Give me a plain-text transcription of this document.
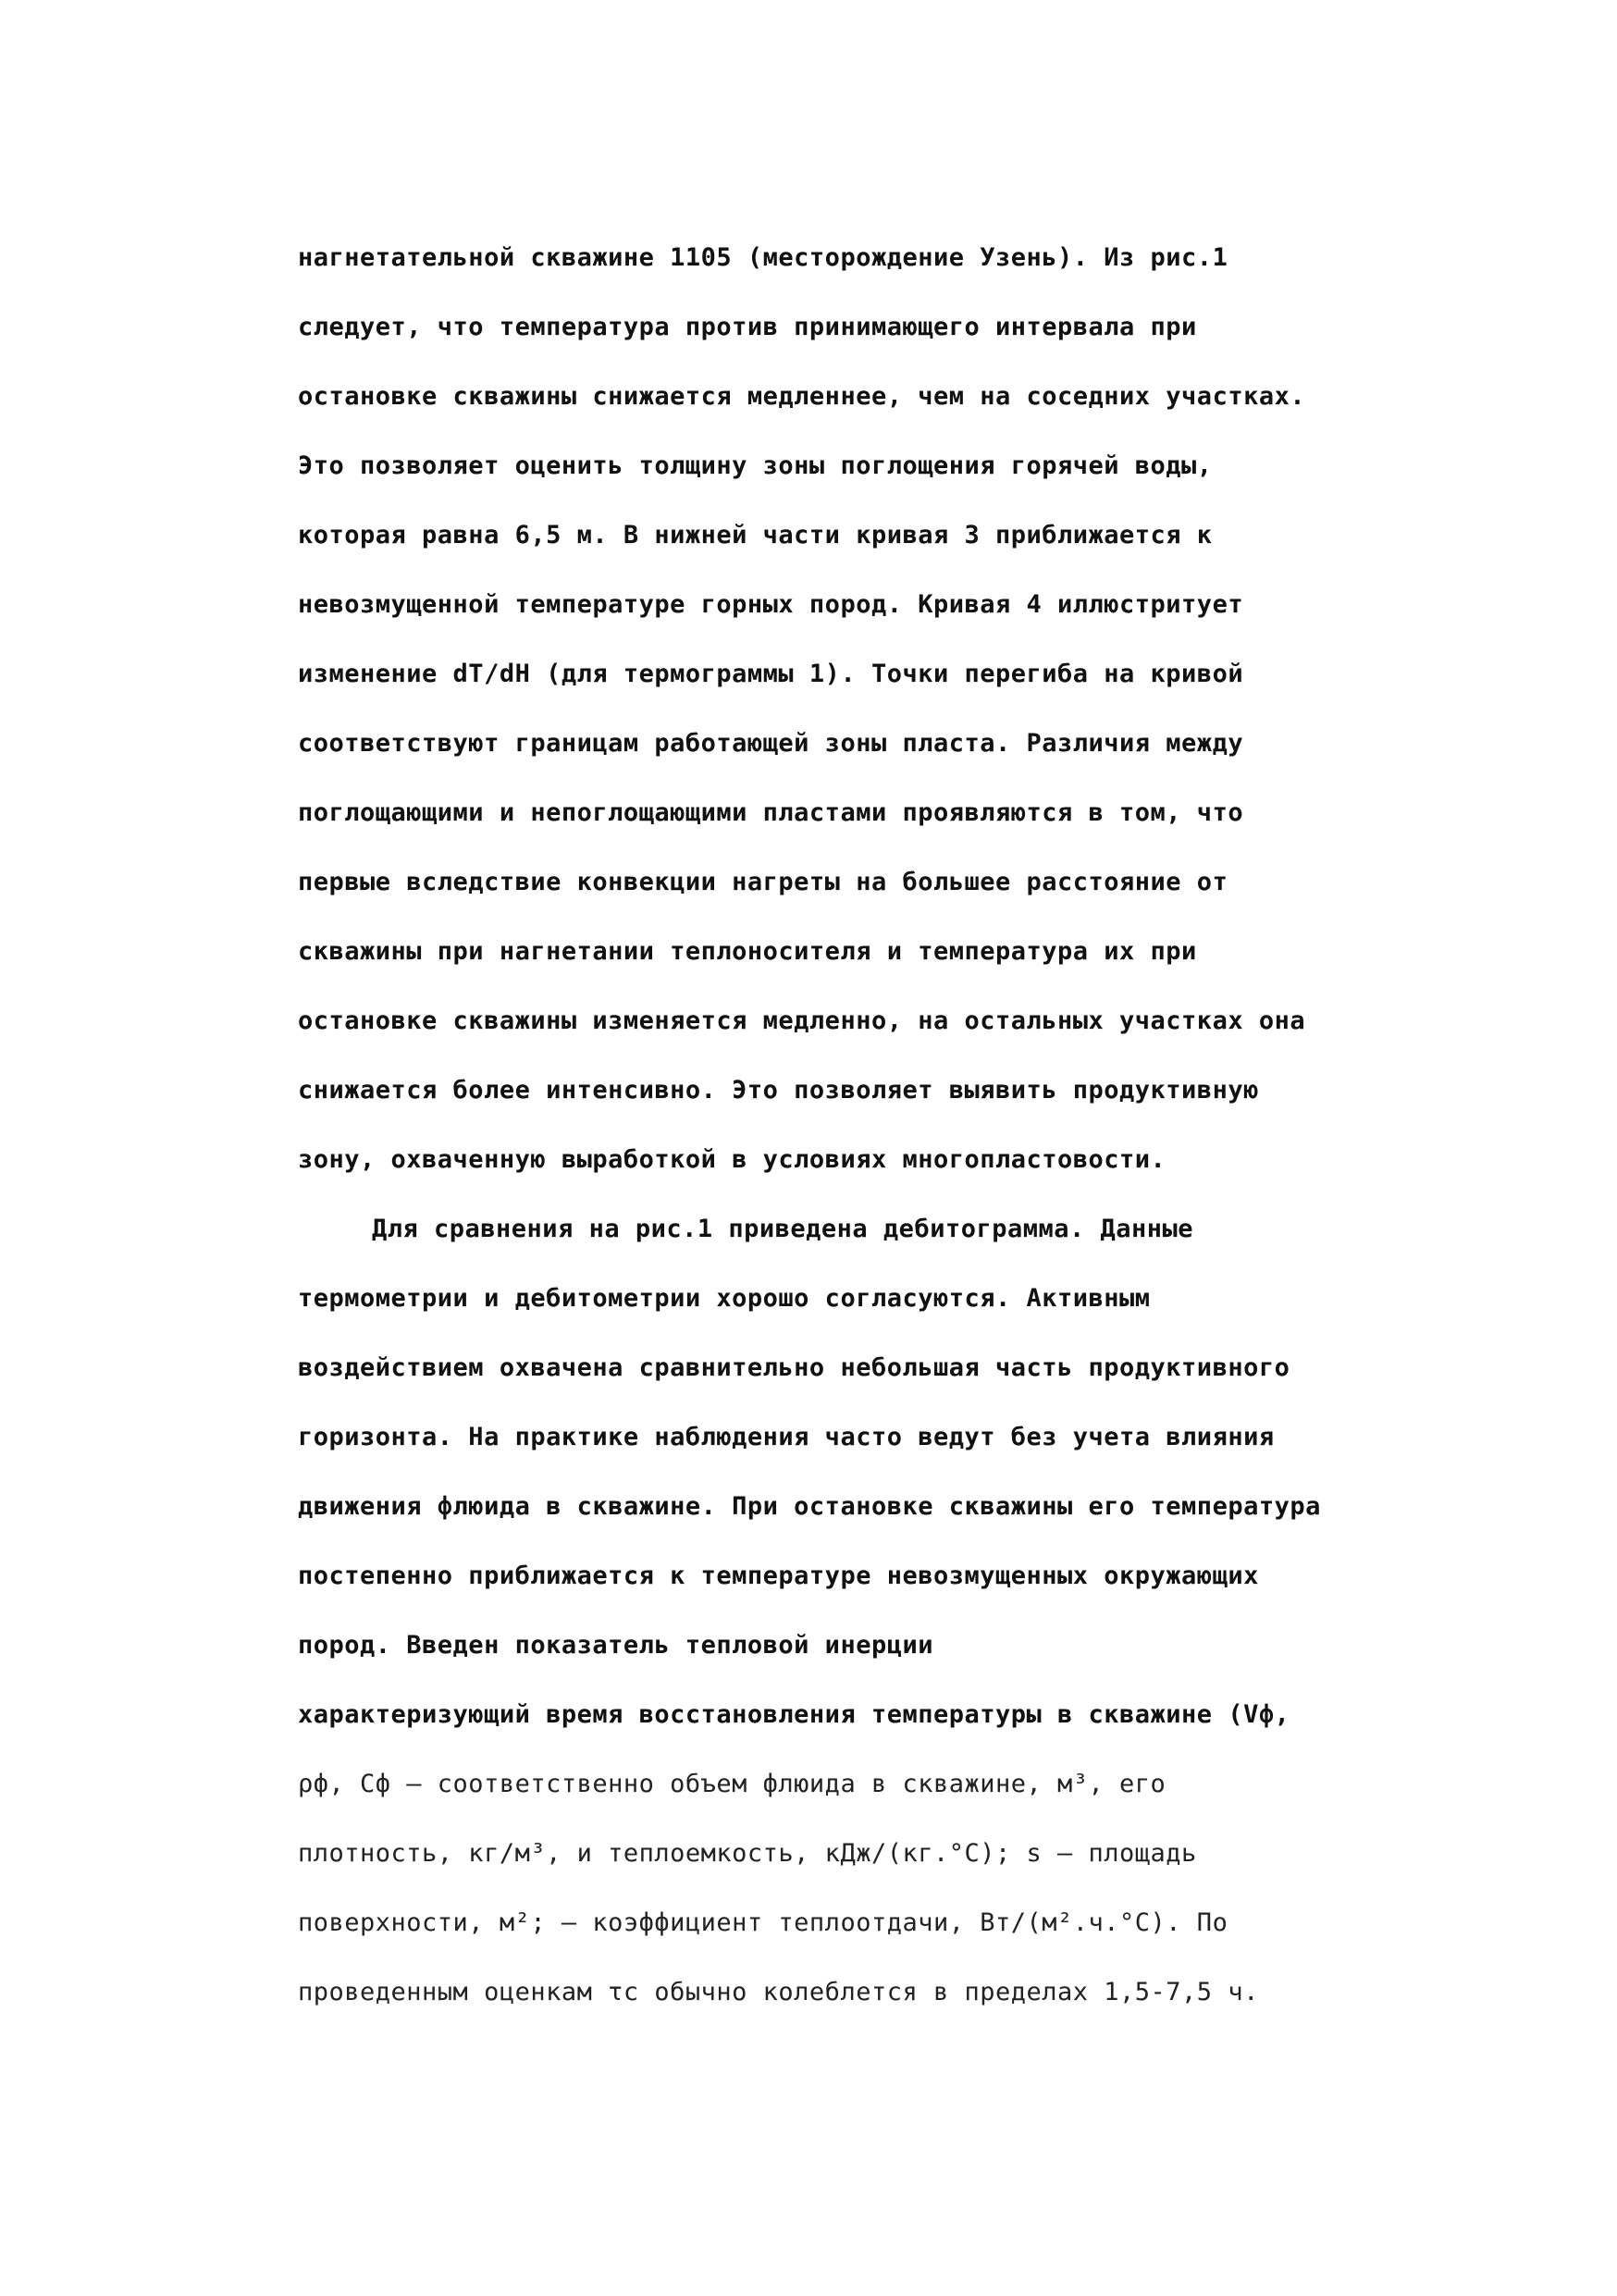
нагнетательной скважине 1105 (месторождение Узень). Из рис.1
следует, что температура против принимающего интервала при
остановке скважины снижается медленнее, чем на соседних участках.
Это позволяет оценить толщину зоны поглощения горячей воды,
которая равна 6,5 м. В нижней части кривая 3 приближается к
невозмущенной температуре горных пород. Кривая 4 иллюстритует
изменение dT/dH (для термограммы 1). Точки перегиба на кривой
соответствуют границам работающей зоны пласта. Различия между
поглощающими и непоглощающими пластами проявляются в том, что
первые вследствие конвекции нагреты на большее расстояние от
скважины при нагнетании теплоносителя и температура их при
остановке скважины изменяется медленно, на остальных участках она
снижается более интенсивно. Это позволяет выявить продуктивную
зону, охваченную выработкой в условиях многопластовости.
Для сравнения на рис.1 приведена дебитограмма. Данные
термометрии и дебитометрии хорошо согласуются. Активным
воздействием охвачена сравнительно небольшая часть продуктивного
горизонта. На практике наблюдения часто ведут без учета влияния
движения флюида в скважине. При остановке скважины его температура
постепенно приближается к температуре невозмущенных окружающих
пород. Введен показатель тепловой инерции
характеризующий время восстановления температуры в скважине (Vф,
ρф, Cф – соответственно объем флюида в скважине, м³, его
плотность, кг/м³, и теплоемкость, кДж/(кг.°C); s – площадь
поверхности, м²; – коэффициент теплоотдачи, Вт/(м².ч.°C). По
проведенным оценкам τc обычно колеблется в пределах 1,5-7,5 ч.
